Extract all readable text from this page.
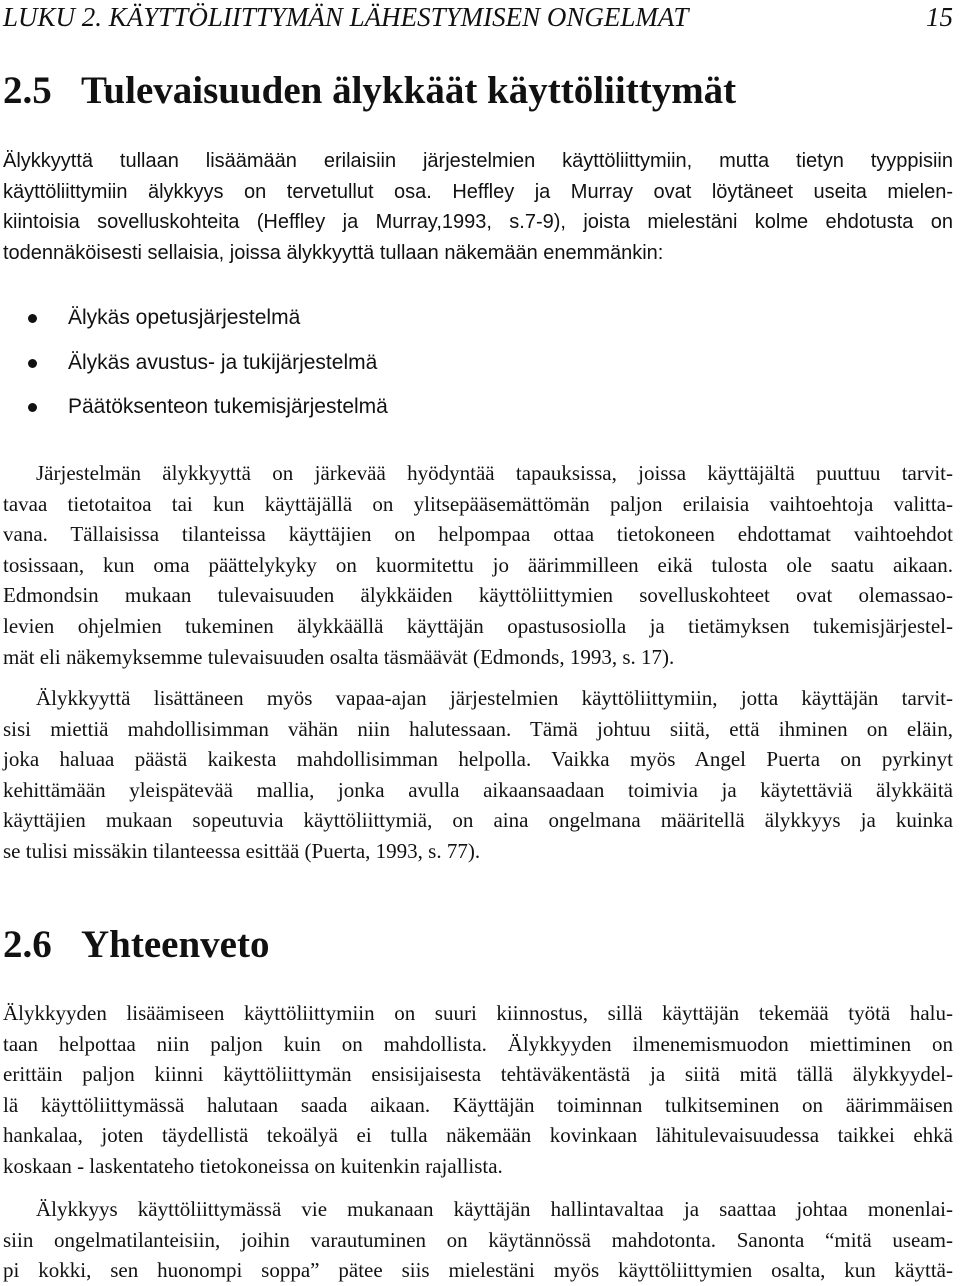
LUKU 2. KÄYTTÖLIITTYMÄN LÄHESTYMISEN ONGELMAT	15
2.5 Tulevaisuuden älykkäät käyttöliittymät
Älykkyyttä tullaan lisäämään erilaisiin järjestelmien käyttöliittymiin, mutta tietyn tyyppisiin
käyttöliittymiin älykkyys on tervetullut osa. Heffley ja Murray ovat löytäneet useita mielen-
kiintoisia sovelluskohteita (Heffley ja Murray,1993, s.7-9), joista mielestäni kolme ehdotusta on
todennäköisesti sellaisia, joissa älykkyyttä tullaan näkemään enemmänkin:
Älykäs opetusjärjestelmä
Älykäs avustus- ja tukijärjestelmä
Päätöksenteon tukemisjärjestelmä
Järjestelmän älykkyyttä on järkevää hyödyntää tapauksissa, joissa käyttäjältä puuttuu tarvit-
tavaa tietotaitoa tai kun käyttäjällä on ylitsepääsemättömän paljon erilaisia vaihtoehtoja valitta-
vana. Tällaisissa tilanteissa käyttäjien on helpompaa ottaa tietokoneen ehdottamat vaihtoehdot
tosissaan, kun oma päättelykyky on kuormitettu jo äärimmilleen eikä tulosta ole saatu aikaan.
Edmondsin mukaan tulevaisuuden älykkäiden käyttöliittymien sovelluskohteet ovat olemassao-
levien ohjelmien tukeminen älykkäällä käyttäjän opastusosiolla ja tietämyksen tukemisjärjestel-
mät eli näkemyksemme tulevaisuuden osalta täsmäävät (Edmonds, 1993, s. 17).
Älykkyyttä lisättäneen myös vapaa-ajan järjestelmien käyttöliittymiin, jotta käyttäjän tarvit-
sisi miettiä mahdollisimman vähän niin halutessaan. Tämä johtuu siitä, että ihminen on eläin,
joka haluaa päästä kaikesta mahdollisimman helpolla. Vaikka myös Angel Puerta on pyrkinyt
kehittämään yleispätevää mallia, jonka avulla aikaansaadaan toimivia ja käytettäviä älykkäitä
käyttäjien mukaan sopeutuvia käyttöliittymiä, on aina ongelmana määritellä älykkyys ja kuinka
se tulisi missäkin tilanteessa esittää (Puerta, 1993, s. 77).
2.6 Yhteenveto
Älykkyyden lisäämiseen käyttöliittymiin on suuri kiinnostus, sillä käyttäjän tekemää työtä halu-
taan helpottaa niin paljon kuin on mahdollista. Älykkyyden ilmenemismuodon miettiminen on
erittäin paljon kiinni käyttöliittymän ensisijaisesta tehtäväkentästä ja siitä mitä tällä älykkyydel-
lä käyttöliittymässä halutaan saada aikaan. Käyttäjän toiminnan tulkitseminen on äärimmäisen
hankalaa, joten täydellistä tekoälyä ei tulla näkemään kovinkaan lähitulevaisuudessa taikkei ehkä
koskaan - laskentateho tietokoneissa on kuitenkin rajallista.
Älykkyys käyttöliittymässä vie mukanaan käyttäjän hallintavaltaa ja saattaa johtaa monenlai-
siin ongelmatilanteisiin, joihin varautuminen on käytännössä mahdotonta. Sanonta “mitä useam-
pi kokki, sen huonompi soppa” pätee siis mielestäni myös käyttöliittymien osalta, kun käyttä-
